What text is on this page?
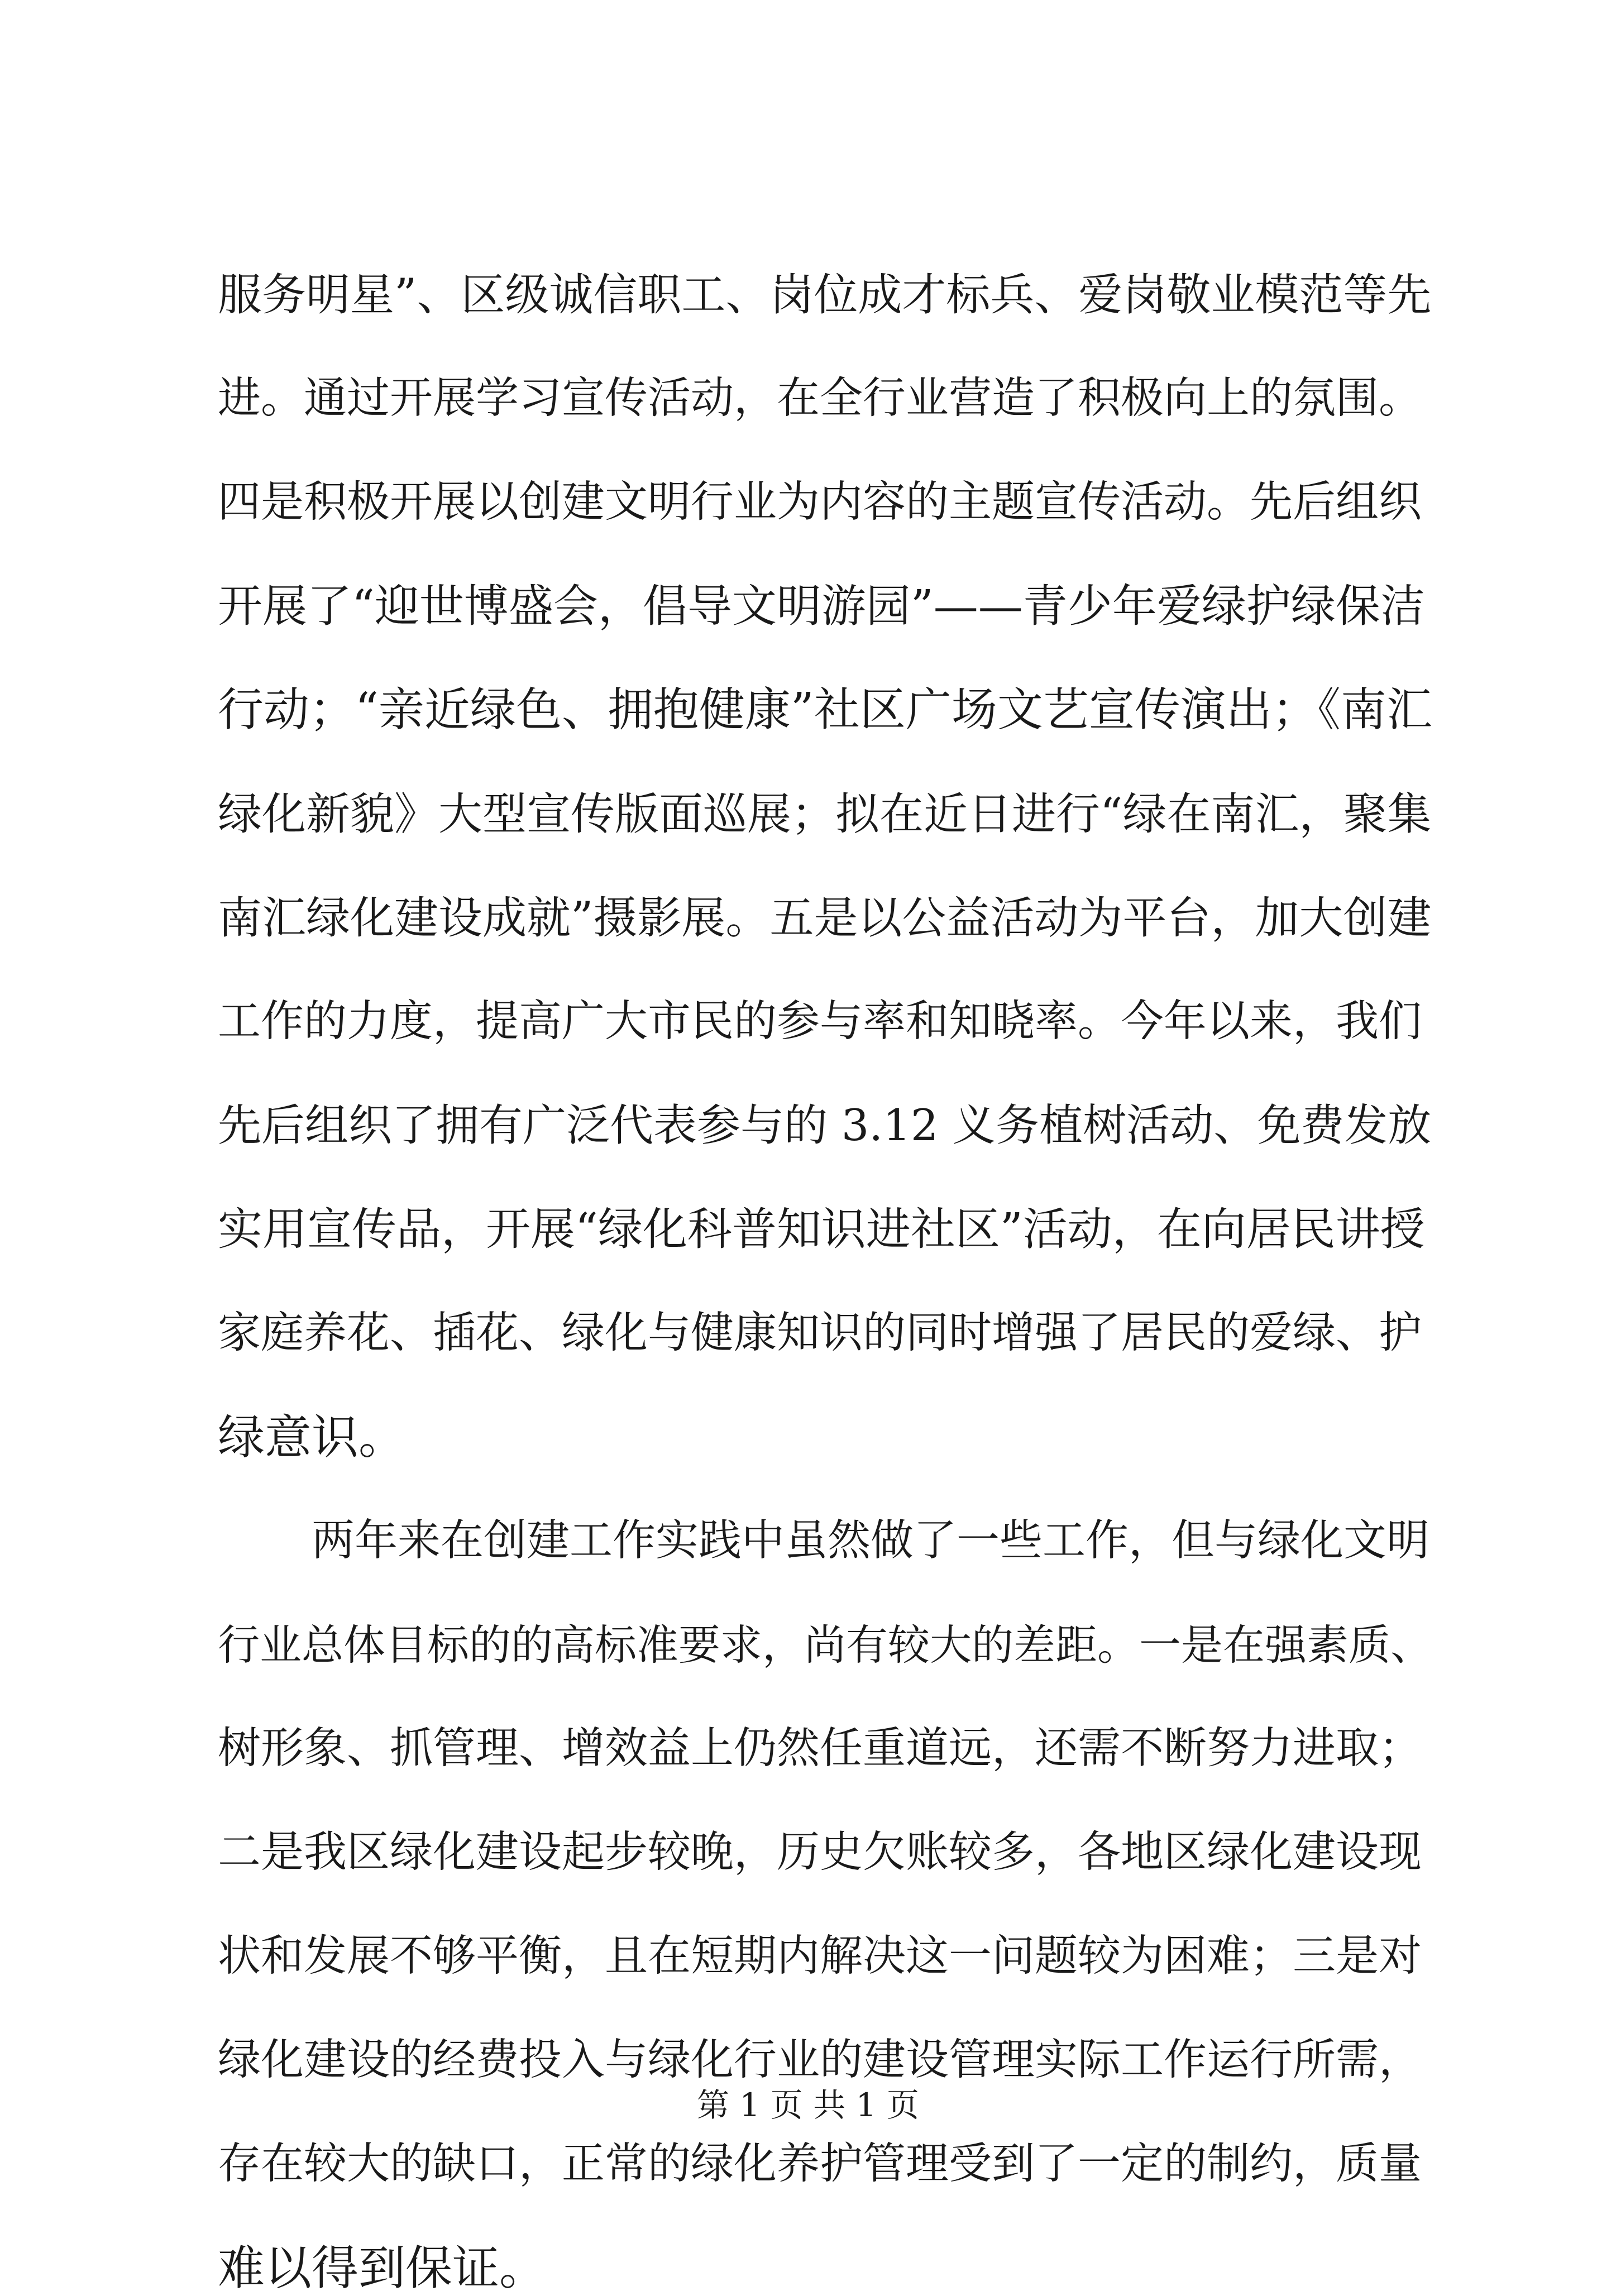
服务明星”、区级诚信职工、岗位成才标兵、爱岗敬业模范等先
进。通过开展学习宣传活动，在全行业营造了积极向上的氛围。
四是积极开展以创建文明行业为内容的主题宣传活动。先后组织
开展了“迎世博盛会，倡导文明游园”——青少年爱绿护绿保洁
行动；“亲近绿色、拥抱健康”社区广场文艺宣传演出；《南汇
绿化新貌》大型宣传版面巡展；拟在近日进行“绿在南汇，聚集
南汇绿化建设成就”摄影展。五是以公益活动为平台，加大创建
工作的力度，提高广大市民的参与率和知晓率。今年以来，我们
先后组织了拥有广泛代表参与的 3.12 义务植树活动、免费发放
实用宣传品，开展“绿化科普知识进社区”活动，在向居民讲授
家庭养花、插花、绿化与健康知识的同时增强了居民的爱绿、护
绿意识。
两年来在创建工作实践中虽然做了一些工作，但与绿化文明
行业总体目标的的高标准要求，尚有较大的差距。一是在强素质、
树形象、抓管理、增效益上仍然任重道远，还需不断努力进取；
二是我区绿化建设起步较晚，历史欠账较多，各地区绿化建设现
状和发展不够平衡，且在短期内解决这一问题较为困难；三是对
绿化建设的经费投入与绿化行业的建设管理实际工作运行所需，
存在较大的缺口，正常的绿化养护管理受到了一定的制约，质量
难以得到保证。
第 1 页 共 1 页
